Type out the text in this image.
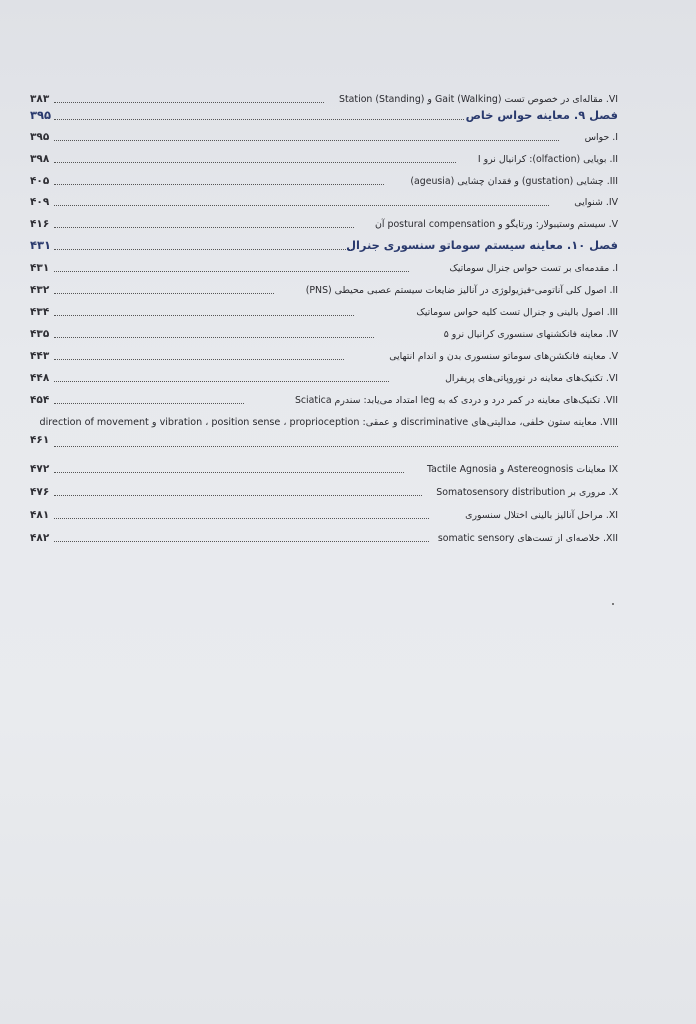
۳۸۳	VI. مقاله‌ای در خصوص تست (Walking) Gait و (Standing) Station
۳۹۵	فصل ۹. معاینه حواس خاص
۳۹۵	I. حواس
۳۹۸	II. بویایی (olfaction): کرانیال نرو I
۴۰۵	III. چشایی (gustation) و فقدان چشایی (ageusia)
۴۰۹	IV. شنوایی
۴۱۶	V. سیستم وستیبولار: ورتایگو و postural compensation آن
۴۳۱	فصل ۱۰. معاینه سیستم سوماتو سنسوری جنرال
۴۳۱	I. مقدمه‌ای بر تست حواس جنرال سوماتیک
۴۳۲	II. اصول کلی آناتومی-فیزیولوژی در آنالیز ضایعات سیستم عصبی محیطی (PNS)
۴۳۴	III. اصول بالینی و جنرال تست کلیه حواس سوماتیک
۴۳۵	IV. معاینه فانکشنهای سنسوری کرانیال نرو ۵
۴۴۳	V. معاینه فانکشن‌های سوماتو سنسوری بدن و اندام انتهایی
۴۴۸	VI. تکنیک‌های معاینه در نوروپاتی‌های پریفرال
۴۵۴	VII. تکنیک‌های معاینه در کمر درد و دردی که به leg امتداد می‌یابد: سندرم Sciatica
VIII. معاینه ستون خلفی، مدالیتی‌های discriminative و عمقی: vibration ، position sense ، proprioception و direction of movement
۴۶۱
۴۷۲	IX معاینات Astereognosis و Tactile Agnosia
۴۷۶	X. مروری بر Somatosensory distribution
۴۸۱	XI. مراحل آنالیز بالینی اختلال سنسوری
۴۸۲	XII. خلاصه‌ای از تست‌های somatic sensory
